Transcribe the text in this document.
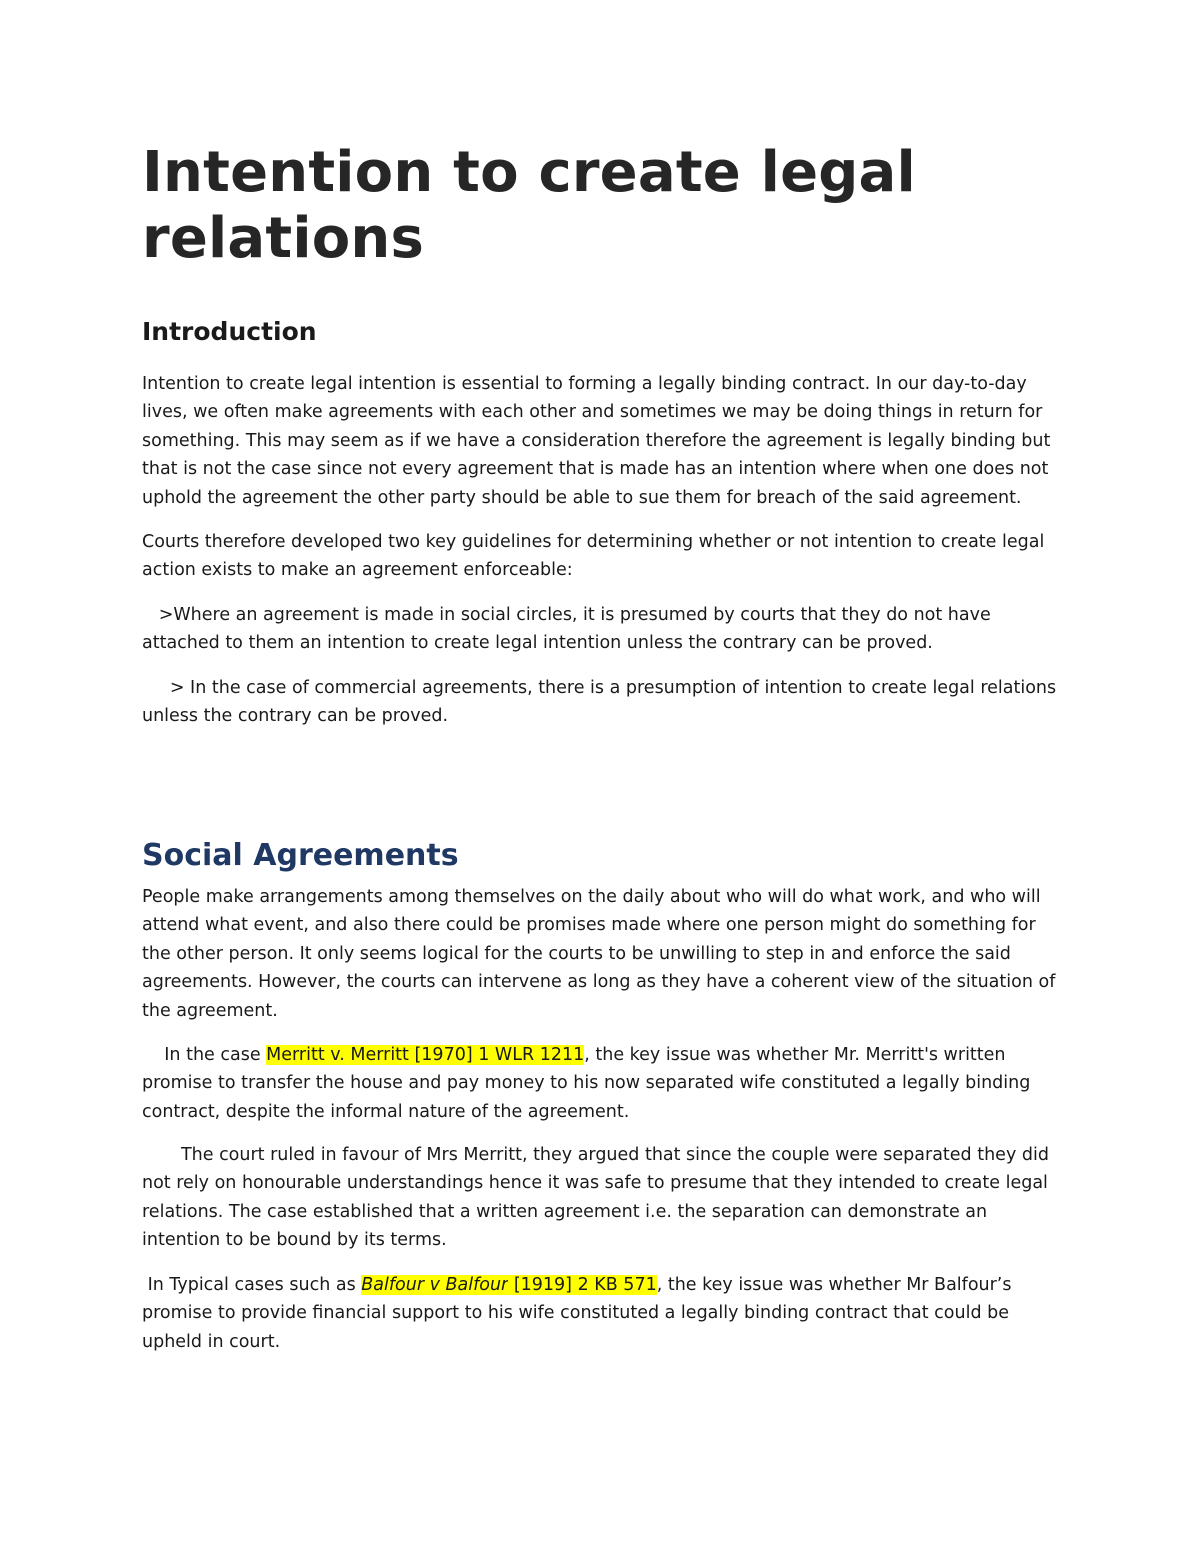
Intention to create legal relations
Introduction

Intention to create legal intention is essential to forming a legally binding contract. In our day-to-day lives, we often make agreements with each other and sometimes we may be doing things in return for something. This may seem as if we have a consideration therefore the agreement is legally binding but that is not the case since not every agreement that is made has an intention where when one does not uphold the agreement the other party should be able to sue them for breach of the said agreement.

Courts therefore developed two key guidelines for determining whether or not intention to create legal action exists to make an agreement enforceable:

>Where an agreement is made in social circles, it is presumed by courts that they do not have attached to them an intention to create legal intention unless the contrary can be proved.

> In the case of commercial agreements, there is a presumption of intention to create legal relations unless the contrary can be proved.

Social Agreements

People make arrangements among themselves on the daily about who will do what work, and who will attend what event, and also there could be promises made where one person might do something for the other person. It only seems logical for the courts to be unwilling to step in and enforce the said agreements. However, the courts can intervene as long as they have a coherent view of the situation of the agreement.

In the case Merritt v. Merritt [1970] 1 WLR 1211, the key issue was whether Mr. Merritt's written promise to transfer the house and pay money to his now separated wife constituted a legally binding contract, despite the informal nature of the agreement.

The court ruled in favour of Mrs Merritt, they argued that since the couple were separated they did not rely on honourable understandings hence it was safe to presume that they intended to create legal relations. The case established that a written agreement i.e. the separation can demonstrate an intention to be bound by its terms.

In Typical cases such as Balfour v Balfour [1919] 2 KB 571, the key issue was whether Mr Balfour’s promise to provide financial support to his wife constituted a legally binding contract that could be upheld in court.
